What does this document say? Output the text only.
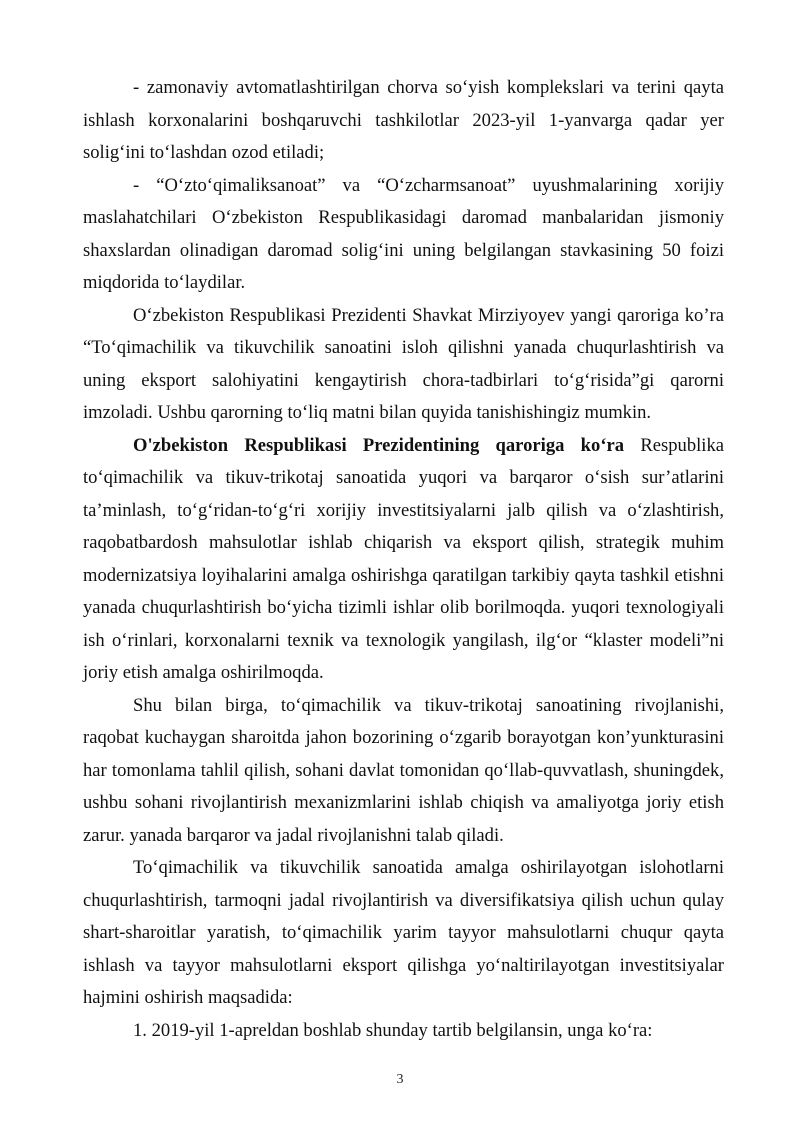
- zamonaviy avtomatlashtirilgan chorva so‘yish komplekslari va terini qayta ishlash korxonalarini boshqaruvchi tashkilotlar 2023-yil 1-yanvarga qadar yer solig‘ini to‘lashdan ozod etiladi;

- “O‘zto‘qimaliksanoat” va “O‘zcharmsanoat” uyushmalarining xorijiy maslahatchilari O‘zbekiston Respublikasidagi daromad manbalaridan jismoniy shaxslardan olinadigan daromad solig‘ini uning belgilangan stavkasining 50 foizi miqdorida to‘laydilar.

O‘zbekiston Respublikasi Prezidenti Shavkat Mirziyoyev yangi qaroriga ko’ra “To‘qimachilik va tikuvchilik sanoatini isloh qilishni yanada chuqurlashtirish va uning eksport salohiyatini kengaytirish chora-tadbirlari to‘g‘risida”gi qarorni imzoladi. Ushbu qarorning to‘liq matni bilan quyida tanishishingiz mumkin.

O'zbekiston Respublikasi Prezidentining qaroriga ko‘ra Respublika to‘qimachilik va tikuv-trikotaj sanoatida yuqori va barqaror o‘sish sur’atlarini ta’minlash, to‘g‘ridan-to‘g‘ri xorijiy investitsiyalarni jalb qilish va o‘zlashtirish, raqobatbardosh mahsulotlar ishlab chiqarish va eksport qilish, strategik muhim modernizatsiya loyihalarini amalga oshirishga qaratilgan tarkibiy qayta tashkil etishni yanada chuqurlashtirish bo‘yicha tizimli ishlar olib borilmoqda. yuqori texnologiyali ish o‘rinlari, korxonalarni texnik va texnologik yangilash, ilg‘or “klaster modeli”ni joriy etish amalga oshirilmoqda.

Shu bilan birga, to‘qimachilik va tikuv-trikotaj sanoatining rivojlanishi, raqobat kuchaygan sharoitda jahon bozorining o‘zgarib borayotgan kon’yunkturasini har tomonlama tahlil qilish, sohani davlat tomonidan qo‘llab-quvvatlash, shuningdek, ushbu sohani rivojlantirish mexanizmlarini ishlab chiqish va amaliyotga joriy etish zarur. yanada barqaror va jadal rivojlanishni talab qiladi.

To‘qimachilik va tikuvchilik sanoatida amalga oshirilayotgan islohotlarni chuqurlashtirish, tarmoqni jadal rivojlantirish va diversifikatsiya qilish uchun qulay shart-sharoitlar yaratish, to‘qimachilik yarim tayyor mahsulotlarni chuqur qayta ishlash va tayyor mahsulotlarni eksport qilishga yo‘naltirilayotgan investitsiyalar hajmini oshirish maqsadida:

1. 2019-yil 1-apreldan boshlab shunday tartib belgilansin, unga ko‘ra:

3
